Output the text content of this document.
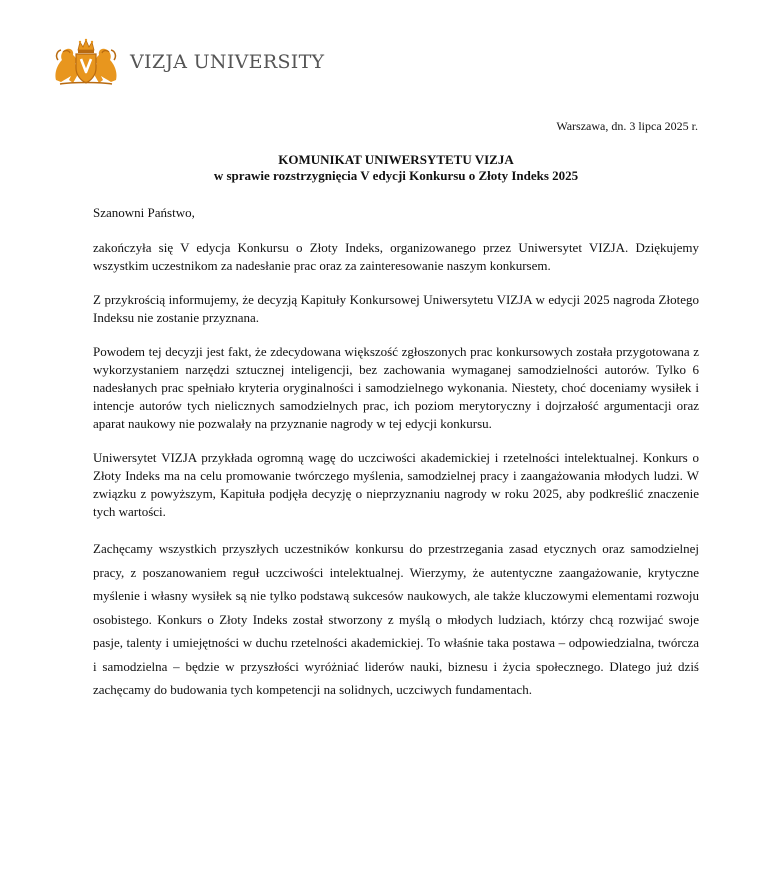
VIZJA UNIVERSITY
Warszawa, dn. 3 lipca 2025 r.
KOMUNIKAT UNIWERSYTETU VIZJA
w sprawie rozstrzygnięcia V edycji Konkursu o Złoty Indeks 2025

Szanowni Państwo,

zakończyła się V edycja Konkursu o Złoty Indeks, organizowanego przez Uniwersytet VIZJA. Dziękujemy wszystkim uczestnikom za nadesłanie prac oraz za zainteresowanie naszym konkursem.

Z przykrością informujemy, że decyzją Kapituły Konkursowej Uniwersytetu VIZJA w edycji 2025 nagroda Złotego Indeksu nie zostanie przyznana.

Powodem tej decyzji jest fakt, że zdecydowana większość zgłoszonych prac konkursowych została przygotowana z wykorzystaniem narzędzi sztucznej inteligencji, bez zachowania wymaganej samodzielności autorów. Tylko 6 nadesłanych prac spełniało kryteria oryginalności i samodzielnego wykonania. Niestety, choć doceniamy wysiłek i intencje autorów tych nielicznych samodzielnych prac, ich poziom merytoryczny i dojrzałość argumentacji oraz aparat naukowy nie pozwalały na przyznanie nagrody w tej edycji konkursu.

Uniwersytet VIZJA przykłada ogromną wagę do uczciwości akademickiej i rzetelności intelektualnej. Konkurs o Złoty Indeks ma na celu promowanie twórczego myślenia, samodzielnej pracy i zaangażowania młodych ludzi. W związku z powyższym, Kapituła podjęła decyzję o nieprzyznaniu nagrody w roku 2025, aby podkreślić znaczenie tych wartości.

Zachęcamy wszystkich przyszłych uczestników konkursu do przestrzegania zasad etycznych oraz samodzielnej pracy, z poszanowaniem reguł uczciwości intelektualnej. Wierzymy, że autentyczne zaangażowanie, krytyczne myślenie i własny wysiłek są nie tylko podstawą sukcesów naukowych, ale także kluczowymi elementami rozwoju osobistego. Konkurs o Złoty Indeks został stworzony z myślą o młodych ludziach, którzy chcą rozwijać swoje pasje, talenty i umiejętności w duchu rzetelności akademickiej. To właśnie taka postawa – odpowiedzialna, twórcza i samodzielna – będzie w przyszłości wyróżniać liderów nauki, biznesu i życia społecznego. Dlatego już dziś zachęcamy do budowania tych kompetencji na solidnych, uczciwych fundamentach.
